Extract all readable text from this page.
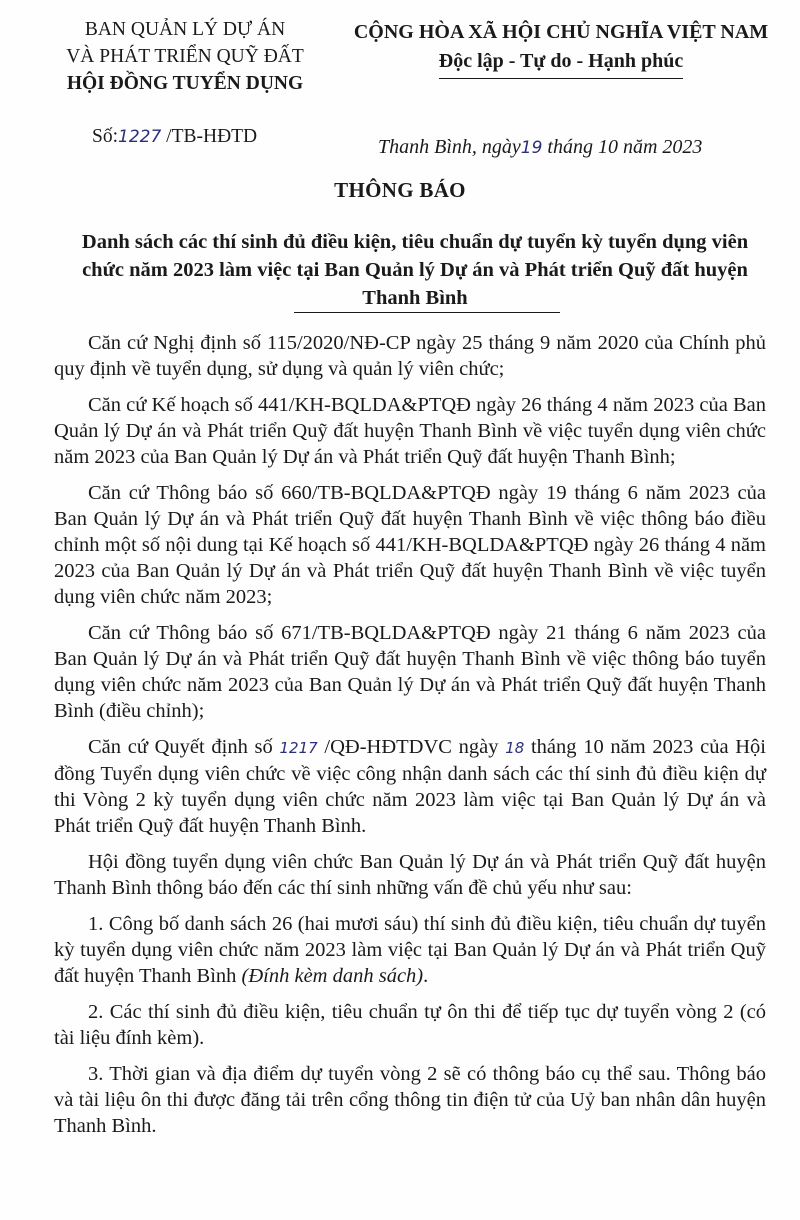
BAN QUẢN LÝ DỰ ÁN
VÀ PHÁT TRIỂN QUỸ ĐẤT
HỘI ĐỒNG TUYỂN DỤNG
CỘNG HÒA XÃ HỘI CHỦ NGHĨA VIỆT NAM
Độc lập - Tự do - Hạnh phúc
Số:1227 /TB-HĐTD	Thanh Bình, ngày19 tháng 10 năm 2023
THÔNG BÁO
Danh sách các thí sinh đủ điều kiện, tiêu chuẩn dự tuyển kỳ tuyển dụng viên chức năm 2023 làm việc tại Ban Quản lý Dự án và Phát triển Quỹ đất huyện Thanh Bình

Căn cứ Nghị định số 115/2020/NĐ-CP ngày 25 tháng 9 năm 2020 của Chính phủ quy định về tuyển dụng, sử dụng và quản lý viên chức;

Căn cứ Kế hoạch số 441/KH-BQLDA&PTQĐ ngày 26 tháng 4 năm 2023 của Ban Quản lý Dự án và Phát triển Quỹ đất huyện Thanh Bình về việc tuyển dụng viên chức năm 2023 của Ban Quản lý Dự án và Phát triển Quỹ đất huyện Thanh Bình;

Căn cứ Thông báo số 660/TB-BQLDA&PTQĐ ngày 19 tháng 6 năm 2023 của Ban Quản lý Dự án và Phát triển Quỹ đất huyện Thanh Bình về việc thông báo điều chỉnh một số nội dung tại Kế hoạch số 441/KH-BQLDA&PTQĐ ngày 26 tháng 4 năm 2023 của Ban Quản lý Dự án và Phát triển Quỹ đất huyện Thanh Bình về việc tuyển dụng viên chức năm 2023;

Căn cứ Thông báo số 671/TB-BQLDA&PTQĐ ngày 21 tháng 6 năm 2023 của Ban Quản lý Dự án và Phát triển Quỹ đất huyện Thanh Bình về việc thông báo tuyển dụng viên chức năm 2023 của Ban Quản lý Dự án và Phát triển Quỹ đất huyện Thanh Bình (điều chỉnh);

Căn cứ Quyết định số 1217 /QĐ-HĐTDVC ngày 18 tháng 10 năm 2023 của Hội đồng Tuyển dụng viên chức về việc công nhận danh sách các thí sinh đủ điều kiện dự thi Vòng 2 kỳ tuyển dụng viên chức năm 2023 làm việc tại Ban Quản lý Dự án và Phát triển Quỹ đất huyện Thanh Bình.

Hội đồng tuyển dụng viên chức Ban Quản lý Dự án và Phát triển Quỹ đất huyện Thanh Bình thông báo đến các thí sinh những vấn đề chủ yếu như sau:

1. Công bố danh sách 26 (hai mươi sáu) thí sinh đủ điều kiện, tiêu chuẩn dự tuyển kỳ tuyển dụng viên chức năm 2023 làm việc tại Ban Quản lý Dự án và Phát triển Quỹ đất huyện Thanh Bình (Đính kèm danh sách).

2. Các thí sinh đủ điều kiện, tiêu chuẩn tự ôn thi để tiếp tục dự tuyển vòng 2 (có tài liệu đính kèm).

3. Thời gian và địa điểm dự tuyển vòng 2 sẽ có thông báo cụ thể sau. Thông báo và tài liệu ôn thi được đăng tải trên cổng thông tin điện tử của Uỷ ban nhân dân huyện Thanh Bình.
